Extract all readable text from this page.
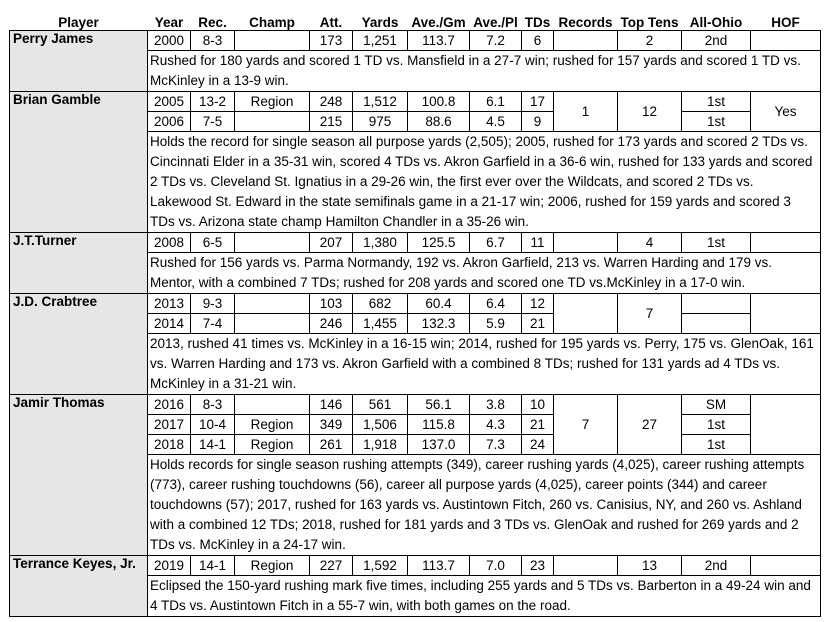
Player	Year	Rec.	Champ	Att.	Yards	Ave./Gm	Ave./Pl	TDs	Records	Top Tens	All-Ohio	HOF
Perry James	2000	8-3		173	1,251	113.7	7.2	6		2	2nd	
	Rushed for 180 yards and scored 1 TD vs. Mansfield in a 27-7 win; rushed for 157 yards and scored 1 TD vs. McKinley in a 13-9 win.											
Brian Gamble	2005	13-2	Region	248	1,512	100.8	6.1	17	1	12	1st	Yes
	2006	7-5		215	975	88.6	4.5	9			1st	
	Holds the record for single season all purpose yards (2,505); 2005, rushed for 173 yards and scored 2 TDs vs. Cincinnati Elder in a 35-31 win, scored 4 TDs vs. Akron Garfield in a 36-6 win, rushed for 133 yards and scored 2 TDs vs. Cleveland St. Ignatius in a 29-26 win, the first ever over the Wildcats, and scored 2 TDs vs. Lakewood St. Edward in the state semifinals game in a 21-17 win; 2006, rushed for 159 yards and scored 3 TDs vs. Arizona state champ Hamilton Chandler in a 35-26 win.											
J.T.Turner	2008	6-5		207	1,380	125.5	6.7	11		4	1st	
	Rushed for 156 yards vs. Parma Normandy, 192 vs. Akron Garfield, 213 vs. Warren Harding and 179 vs. Mentor, with a combined 7 TDs; rushed for 208 yards and scored one TD vs.McKinley in a 17-0 win.											
J.D. Crabtree	2013	9-3		103	682	60.4	6.4	12		7		
	2014	7-4		246	1,455	132.3	5.9	21				
	2013, rushed 41 times vs. McKinley in a 16-15 win; 2014, rushed for 195 yards vs. Perry, 175 vs. GlenOak, 161 vs. Warren Harding and 173 vs. Akron Garfield with a combined 8 TDs; rushed for 131 yards ad 4 TDs vs. McKinley in a 31-21 win.											
Jamir Thomas	2016	8-3		146	561	56.1	3.8	10	7	27	SM	
	2017	10-4	Region	349	1,506	115.8	4.3	21			1st	
	2018	14-1	Region	261	1,918	137.0	7.3	24			1st	
	Holds records for single season rushing attempts (349), career rushing yards (4,025), career rushing attempts (773), career rushing touchdowns (56), career all purpose yards (4,025), career points (344) and career touchdowns (57); 2017, rushed for 163 yards vs. Austintown Fitch, 260 vs. Canisius, NY, and 260 vs. Ashland with a combined 12 TDs; 2018, rushed for 181 yards and 3 TDs vs. GlenOak and rushed for 269 yards and 2 TDs vs. McKinley in a 24-17 win.											
Terrance Keyes, Jr.	2019	14-1	Region	227	1,592	113.7	7.0	23		13	2nd	
	Eclipsed the 150-yard rushing mark five times, including 255 yards and 5 TDs vs. Barberton in a 49-24 win and 4 TDs vs. Austintown Fitch in a 55-7 win, with both games on the road.											
